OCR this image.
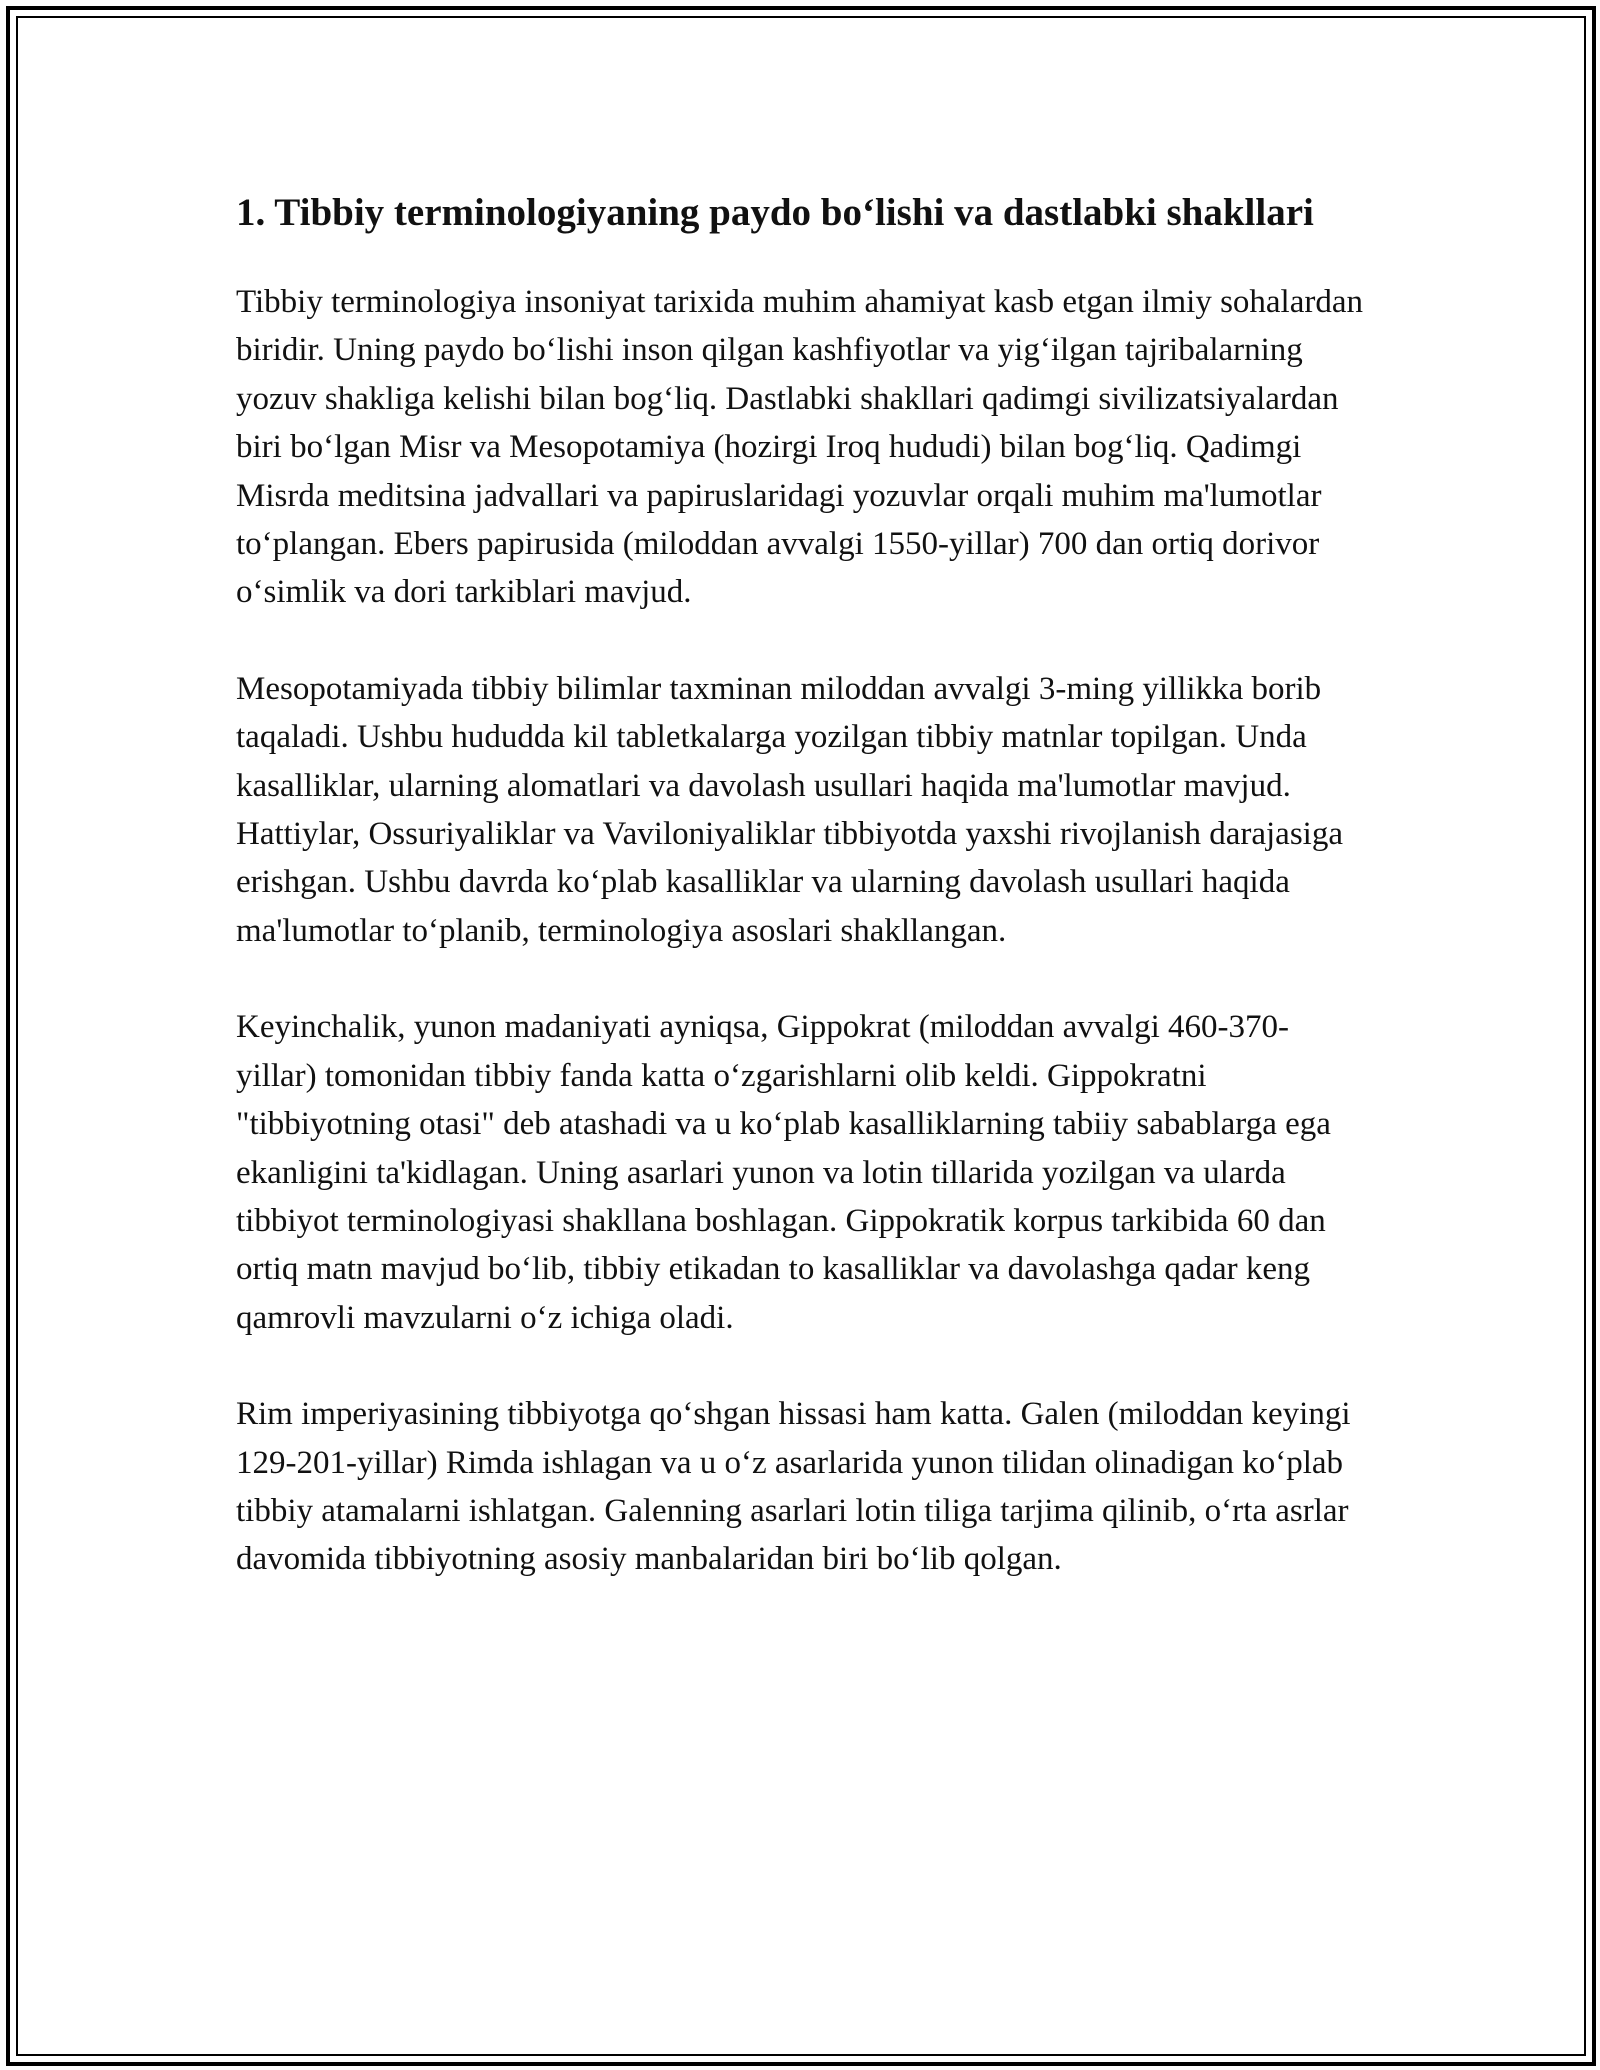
1. Tibbiy terminologiyaning paydo bo‘lishi va dastlabki shakllari

Tibbiy terminologiya insoniyat tarixida muhim ahamiyat kasb etgan ilmiy sohalardan biridir. Uning paydo bo‘lishi inson qilgan kashfiyotlar va yig‘ilgan tajribalarning yozuv shakliga kelishi bilan bog‘liq. Dastlabki shakllari qadimgi sivilizatsiyalardan biri bo‘lgan Misr va Mesopotamiya (hozirgi Iroq hududi) bilan bog‘liq. Qadimgi Misrda meditsina jadvallari va papiruslaridagi yozuvlar orqali muhim ma'lumotlar to‘plangan. Ebers papirusida (miloddan avvalgi 1550-yillar) 700 dan ortiq dorivor o‘simlik va dori tarkiblari mavjud.

Mesopotamiyada tibbiy bilimlar taxminan miloddan avvalgi 3-ming yillikka borib taqaladi. Ushbu hududda kil tabletkalarga yozilgan tibbiy matnlar topilgan. Unda kasalliklar, ularning alomatlari va davolash usullari haqida ma'lumotlar mavjud. Hattiylar, Ossuriyaliklar va Vaviloniyaliklar tibbiyotda yaxshi rivojlanish darajasiga erishgan. Ushbu davrda ko‘plab kasalliklar va ularning davolash usullari haqida ma'lumotlar to‘planib, terminologiya asoslari shakllangan.

Keyinchalik, yunon madaniyati ayniqsa, Gippokrat (miloddan avvalgi 460-370-yillar) tomonidan tibbiy fanda katta o‘zgarishlarni olib keldi. Gippokratni "tibbiyotning otasi" deb atashadi va u ko‘plab kasalliklarning tabiiy sabablarga ega ekanligini ta'kidlagan. Uning asarlari yunon va lotin tillarida yozilgan va ularda tibbiyot terminologiyasi shakllana boshlagan. Gippokratik korpus tarkibida 60 dan ortiq matn mavjud bo‘lib, tibbiy etikadan to kasalliklar va davolashga qadar keng qamrovli mavzularni o‘z ichiga oladi.

Rim imperiyasining tibbiyotga qo‘shgan hissasi ham katta. Galen (miloddan keyingi 129-201-yillar) Rimda ishlagan va u o‘z asarlarida yunon tilidan olinadigan ko‘plab tibbiy atamalarni ishlatgan. Galenning asarlari lotin tiliga tarjima qilinib, o‘rta asrlar davomida tibbiyotning asosiy manbalaridan biri bo‘lib qolgan.
